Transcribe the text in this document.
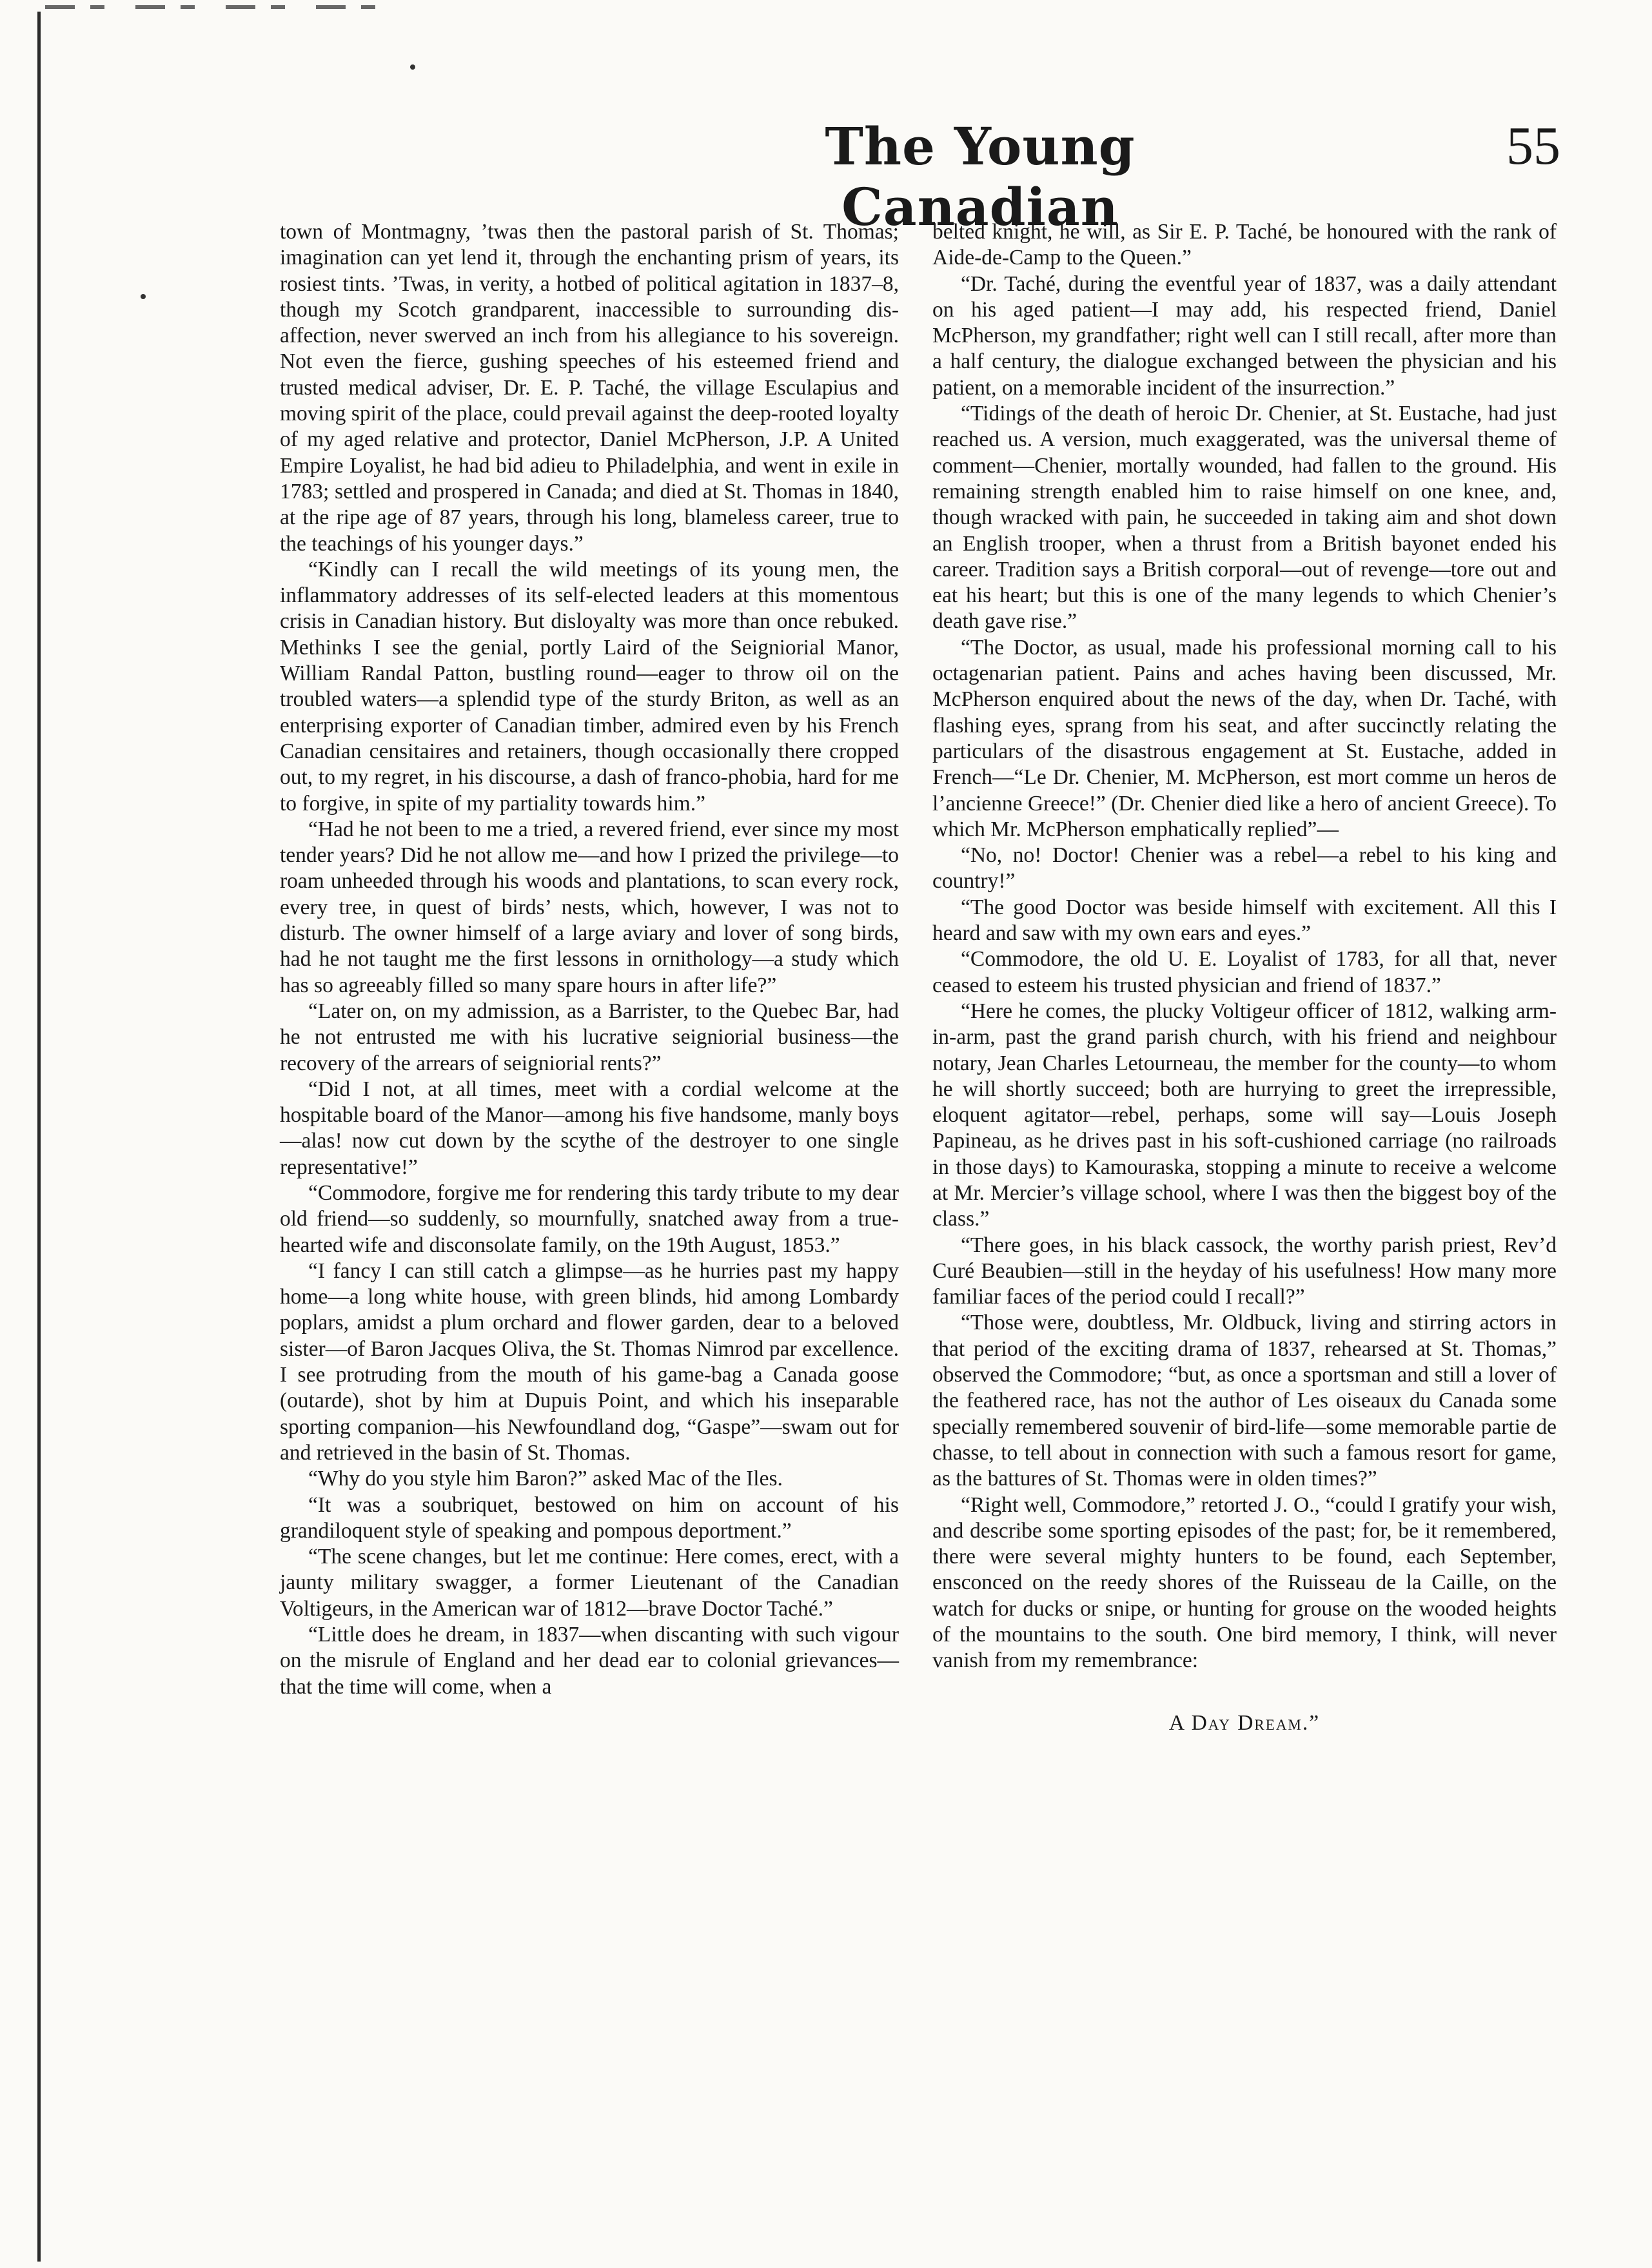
The Young Canadian
55

town of Montmagny, ’twas then the pastoral parish of St. Thomas; imagination can yet lend it, through the enchanting prism of years, its rosiest tints. ’Twas, in verity, a hotbed of political agitation in 1837–8, though my Scotch grandparent, inaccessible to surrounding disaffection, never swerved an inch from his allegiance to his sovereign. Not even the fierce, gushing speeches of his esteemed friend and trusted medical adviser, Dr. E. P. Taché, the village Esculapius and moving spirit of the place, could prevail against the deep-rooted loyalty of my aged relative and protector, Daniel McPherson, J.P. A United Empire Loyalist, he had bid adieu to Philadelphia, and went in exile in 1783; settled and prospered in Canada; and died at St. Thomas in 1840, at the ripe age of 87 years, through his long, blameless career, true to the teachings of his younger days.”

“Kindly can I recall the wild meetings of its young men, the inflammatory addresses of its self-elected leaders at this momentous crisis in Canadian history. But disloyalty was more than once rebuked. Methinks I see the genial, portly Laird of the Seigniorial Manor, William Randal Patton, bustling round—eager to throw oil on the troubled waters—a splendid type of the sturdy Briton, as well as an enterprising exporter of Canadian timber, admired even by his French Canadian censitaires and retainers, though occasionally there cropped out, to my regret, in his discourse, a dash of franco-phobia, hard for me to forgive, in spite of my partiality towards him.”

“Had he not been to me a tried, a revered friend, ever since my most tender years? Did he not allow me—and how I prized the privilege—to roam unheeded through his woods and plantations, to scan every rock, every tree, in quest of birds’ nests, which, however, I was not to disturb. The owner himself of a large aviary and lover of song birds, had he not taught me the first lessons in ornithology—a study which has so agreeably filled so many spare hours in after life?”

“Later on, on my admission, as a Barrister, to the Quebec Bar, had he not entrusted me with his lucrative seigniorial business—the recovery of the arrears of seigniorial rents?”

“Did I not, at all times, meet with a cordial welcome at the hospitable board of the Manor—among his five handsome, manly boys—alas! now cut down by the scythe of the destroyer to one single representative!”

“Commodore, forgive me for rendering this tardy tribute to my dear old friend—so suddenly, so mournfully, snatched away from a true-hearted wife and disconsolate family, on the 19th August, 1853.”

“I fancy I can still catch a glimpse—as he hurries past my happy home—a long white house, with green blinds, hid among Lombardy poplars, amidst a plum orchard and flower garden, dear to a beloved sister—of Baron Jacques Oliva, the St. Thomas Nimrod par excellence. I see protruding from the mouth of his game-bag a Canada goose (outarde), shot by him at Dupuis Point, and which his inseparable sporting companion—his Newfoundland dog, “Gaspe”—swam out for and retrieved in the basin of St. Thomas.

“Why do you style him Baron?” asked Mac of the Iles.

“It was a soubriquet, bestowed on him on account of his grandiloquent style of speaking and pompous deportment.”

“The scene changes, but let me continue: Here comes, erect, with a jaunty military swagger, a former Lieutenant of the Canadian Voltigeurs, in the American war of 1812—brave Doctor Taché.”

“Little does he dream, in 1837—when discanting with such vigour on the misrule of England and her dead ear to colonial grievances—that the time will come, when a

belted knight, he will, as Sir E. P. Taché, be honoured with the rank of Aide-de-Camp to the Queen.”

“Dr. Taché, during the eventful year of 1837, was a daily attendant on his aged patient—I may add, his respected friend, Daniel McPherson, my grandfather; right well can I still recall, after more than a half century, the dialogue exchanged between the physician and his patient, on a memorable incident of the insurrection.”

“Tidings of the death of heroic Dr. Chenier, at St. Eustache, had just reached us. A version, much exaggerated, was the universal theme of comment—Chenier, mortally wounded, had fallen to the ground. His remaining strength enabled him to raise himself on one knee, and, though wracked with pain, he succeeded in taking aim and shot down an English trooper, when a thrust from a British bayonet ended his career. Tradition says a British corporal—out of revenge—tore out and eat his heart; but this is one of the many legends to which Chenier’s death gave rise.”

“The Doctor, as usual, made his professional morning call to his octagenarian patient. Pains and aches having been discussed, Mr. McPherson enquired about the news of the day, when Dr. Taché, with flashing eyes, sprang from his seat, and after succinctly relating the particulars of the disastrous engagement at St. Eustache, added in French—“Le Dr. Chenier, M. McPherson, est mort comme un heros de l’ancienne Greece!” (Dr. Chenier died like a hero of ancient Greece). To which Mr. McPherson emphatically replied”—

“No, no! Doctor! Chenier was a rebel—a rebel to his king and country!”

“The good Doctor was beside himself with excitement. All this I heard and saw with my own ears and eyes.”

“Commodore, the old U. E. Loyalist of 1783, for all that, never ceased to esteem his trusted physician and friend of 1837.”

“Here he comes, the plucky Voltigeur officer of 1812, walking arm-in-arm, past the grand parish church, with his friend and neighbour notary, Jean Charles Letourneau, the member for the county—to whom he will shortly succeed; both are hurrying to greet the irrepressible, eloquent agitator—rebel, perhaps, some will say—Louis Joseph Papineau, as he drives past in his soft-cushioned carriage (no railroads in those days) to Kamouraska, stopping a minute to receive a welcome at Mr. Mercier’s village school, where I was then the biggest boy of the class.”

“There goes, in his black cassock, the worthy parish priest, Rev’d Curé Beaubien—still in the heyday of his usefulness! How many more familiar faces of the period could I recall?”

“Those were, doubtless, Mr. Oldbuck, living and stirring actors in that period of the exciting drama of 1837, rehearsed at St. Thomas,” observed the Commodore; “but, as once a sportsman and still a lover of the feathered race, has not the author of Les oiseaux du Canada some specially remembered souvenir of bird-life—some memorable partie de chasse, to tell about in connection with such a famous resort for game, as the battures of St. Thomas were in olden times?”

“Right well, Commodore,” retorted J. O., “could I gratify your wish, and describe some sporting episodes of the past; for, be it remembered, there were several mighty hunters to be found, each September, ensconced on the reedy shores of the Ruisseau de la Caille, on the watch for ducks or snipe, or hunting for grouse on the wooded heights of the mountains to the south. One bird memory, I think, will never vanish from my remembrance:

A Day Dream.”
